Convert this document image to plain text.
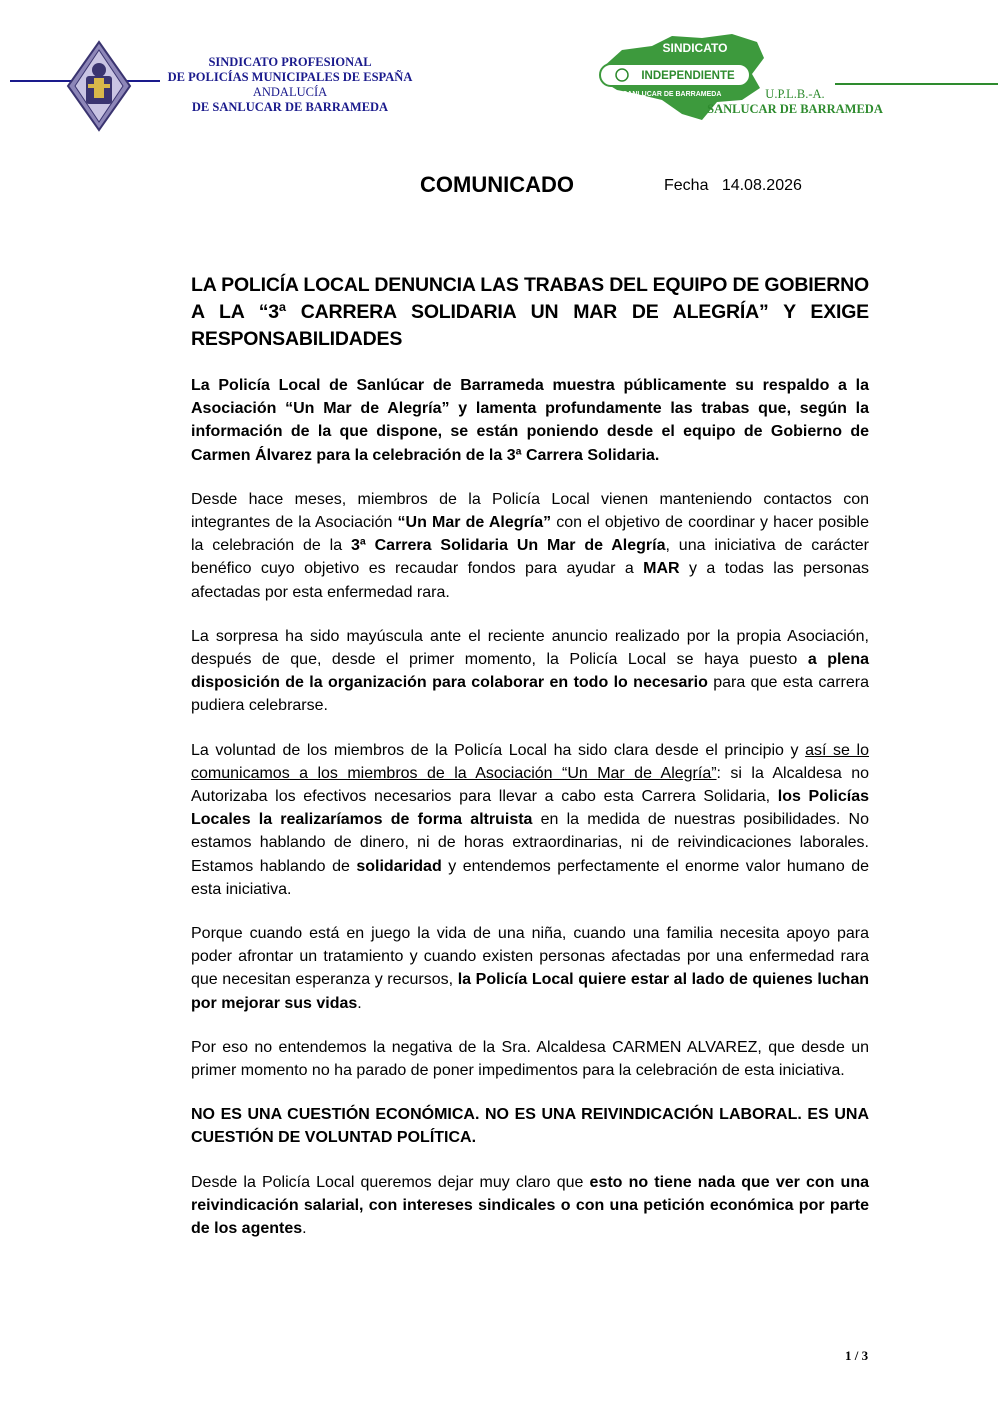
SINDICATO PROFESIONAL
DE POLICÍAS MUNICIPALES DE ESPAÑA
ANDALUCÍA
DE SANLUCAR DE BARRAMEDA
SINDICATO
INDEPENDIENTE
SANLUCAR DE BARRAMEDA
S.I.T.A.S.
U.P.L.B.-A.
SANLUCAR DE BARRAMEDA
COMUNICADO	Fecha 14.08.2026
LA POLICÍA LOCAL DENUNCIA LAS TRABAS DEL EQUIPO DE GOBIERNO A LA “3ª CARRERA SOLIDARIA UN MAR DE ALEGRÍA” Y EXIGE RESPONSABILIDADES
La Policía Local de Sanlúcar de Barrameda muestra públicamente su respaldo a la Asociación “Un Mar de Alegría” y lamenta profundamente las trabas que, según la información de la que dispone, se están poniendo desde el equipo de Gobierno de Carmen Álvarez para la celebración de la 3ª Carrera Solidaria.
Desde hace meses, miembros de la Policía Local vienen manteniendo contactos con integrantes de la Asociación “Un Mar de Alegría” con el objetivo de coordinar y hacer posible la celebración de la 3ª Carrera Solidaria Un Mar de Alegría, una iniciativa de carácter benéfico cuyo objetivo es recaudar fondos para ayudar a MAR y a todas las personas afectadas por esta enfermedad rara.
La sorpresa ha sido mayúscula ante el reciente anuncio realizado por la propia Asociación, después de que, desde el primer momento, la Policía Local se haya puesto a plena disposición de la organización para colaborar en todo lo necesario para que esta carrera pudiera celebrarse.
La voluntad de los miembros de la Policía Local ha sido clara desde el principio y así se lo comunicamos a los miembros de la Asociación “Un Mar de Alegría”: si la Alcaldesa no Autorizaba los efectivos necesarios para llevar a cabo esta Carrera Solidaria, los Policías Locales la realizaríamos de forma altruista en la medida de nuestras posibilidades. No estamos hablando de dinero, ni de horas extraordinarias, ni de reivindicaciones laborales. Estamos hablando de solidaridad y entendemos perfectamente el enorme valor humano de esta iniciativa.
Porque cuando está en juego la vida de una niña, cuando una familia necesita apoyo para poder afrontar un tratamiento y cuando existen personas afectadas por una enfermedad rara que necesitan esperanza y recursos, la Policía Local quiere estar al lado de quienes luchan por mejorar sus vidas.
Por eso no entendemos la negativa de la Sra. Alcaldesa CARMEN ALVAREZ, que desde un primer momento no ha parado de poner impedimentos para la celebración de esta iniciativa.
NO ES UNA CUESTIÓN ECONÓMICA. NO ES UNA REIVINDICACIÓN LABORAL. ES UNA CUESTIÓN DE VOLUNTAD POLÍTICA.
Desde la Policía Local queremos dejar muy claro que esto no tiene nada que ver con una reivindicación salarial, con intereses sindicales o con una petición económica por parte de los agentes.
1 / 3
